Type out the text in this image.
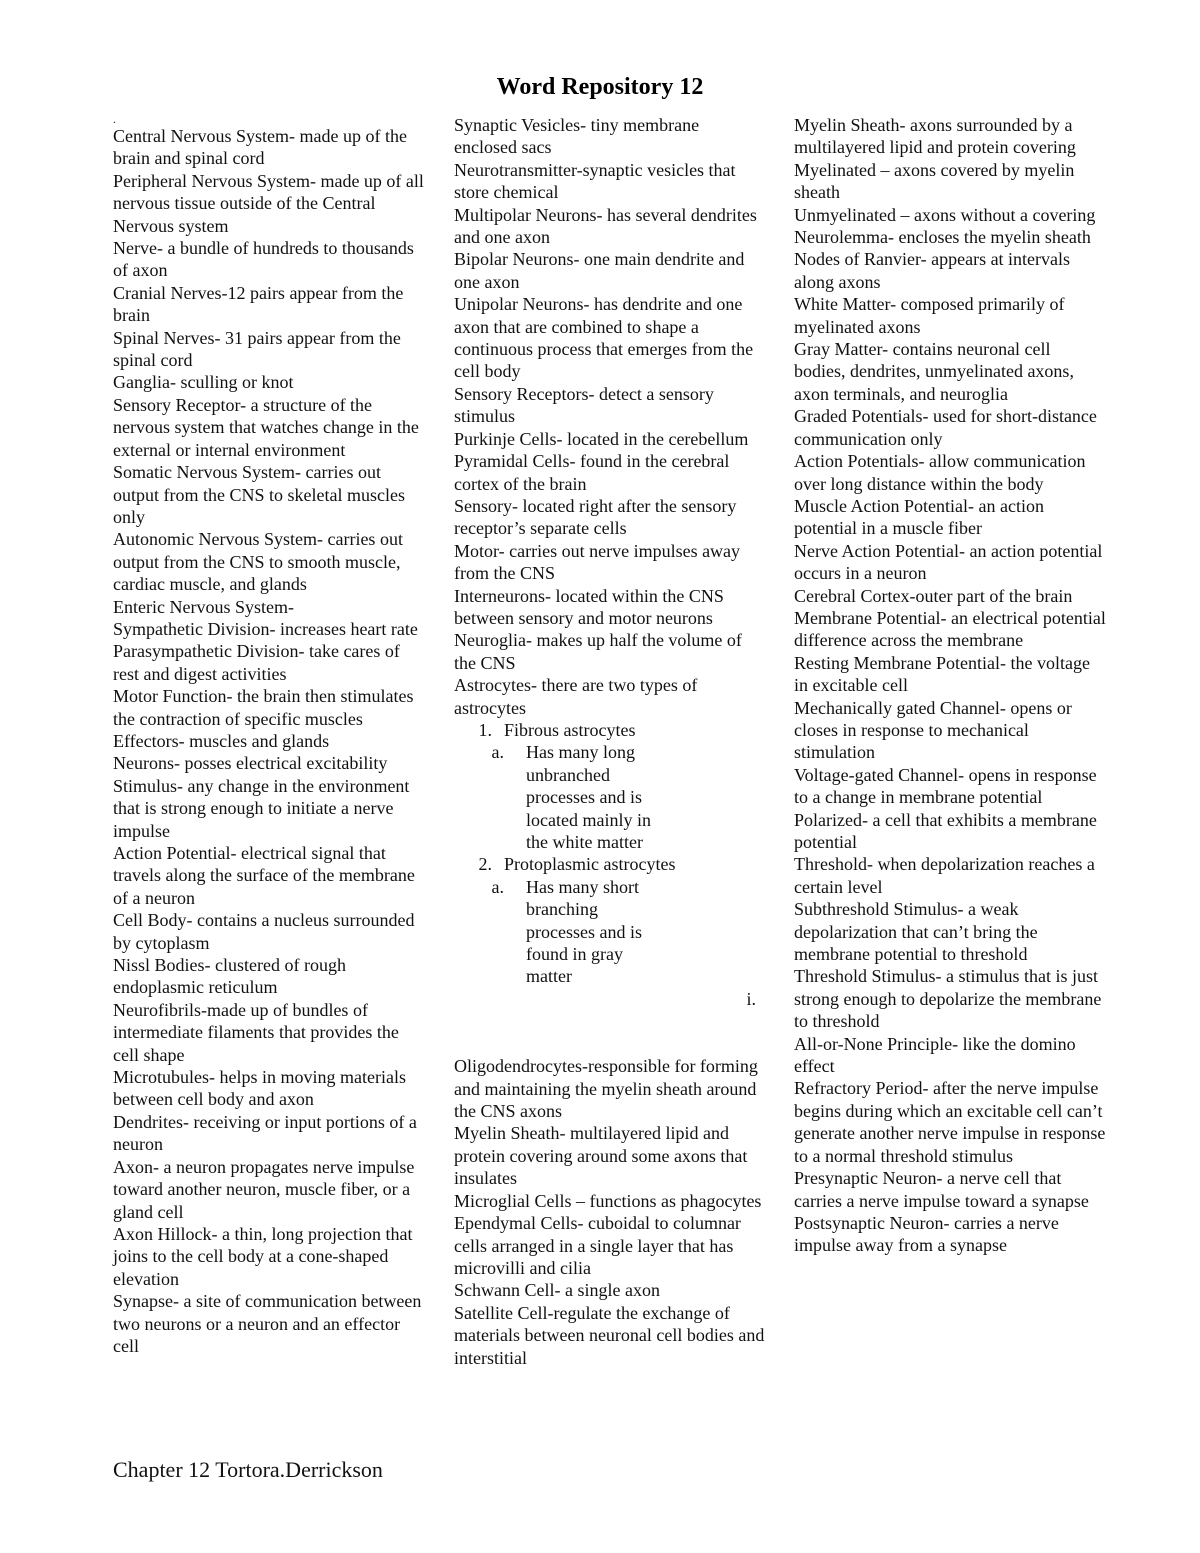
Word Repository 12
.

Central Nervous System- made up of the brain and spinal cord

Peripheral Nervous System- made up of all nervous tissue outside of the Central Nervous system

Nerve- a bundle of hundreds to thousands of axon

Cranial Nerves-12 pairs appear from the brain

Spinal Nerves- 31 pairs appear from the spinal cord

Ganglia- sculling or knot

Sensory Receptor- a structure of the nervous system that watches change in the external or internal environment

Somatic Nervous System- carries out output from the CNS to skeletal muscles only

Autonomic Nervous System- carries out output from the CNS to smooth muscle, cardiac muscle, and glands

Enteric Nervous System-

Sympathetic Division- increases heart rate

Parasympathetic Division- take cares of rest and digest activities

Motor Function- the brain then stimulates the contraction of specific muscles

Effectors- muscles and glands

Neurons- posses electrical excitability

Stimulus- any change in the environment that is strong enough to initiate a nerve impulse

Action Potential- electrical signal that travels along the surface of the membrane of a neuron

Cell Body- contains a nucleus surrounded by cytoplasm

Nissl Bodies- clustered of rough endoplasmic reticulum

Neurofibrils-made up of bundles of intermediate filaments that provides the cell shape

Microtubules- helps in moving materials between cell body and axon

Dendrites- receiving or input portions of a neuron

Axon- a neuron propagates nerve impulse toward another neuron, muscle fiber, or a gland cell

Axon Hillock- a thin, long projection that joins to the cell body at a cone-shaped elevation

Synapse- a site of communication between two neurons or a neuron and an effector cell

Synaptic Vesicles- tiny membrane enclosed sacs

Neurotransmitter-synaptic vesicles that store chemical

Multipolar Neurons- has several dendrites and one axon

Bipolar Neurons- one main dendrite and one axon

Unipolar Neurons- has dendrite and one axon that are combined to shape a continuous process that emerges from the cell body

Sensory Receptors- detect a sensory stimulus

Purkinje Cells- located in the cerebellum

Pyramidal Cells- found in the cerebral cortex of the brain

Sensory- located right after the sensory receptor’s separate cells

Motor- carries out nerve impulses away from the CNS

Interneurons- located within the CNS between sensory and motor neurons

Neuroglia- makes up half the volume of the CNS

Astrocytes- there are two types of astrocytes

1. Fibrous astrocytes
a.	Has many long unbranched processes and is located mainly in the white matter
2. Protoplasmic astrocytes
a.	Has many short branching processes and is found in gray matter
i.

Oligodendrocytes-responsible for forming and maintaining the myelin sheath around the CNS axons

Myelin Sheath- multilayered lipid and protein covering around some axons that insulates

Microglial Cells – functions as phagocytes

Ependymal Cells- cuboidal to columnar cells arranged in a single layer that has microvilli and cilia

Schwann Cell- a single axon

Satellite Cell-regulate the exchange of materials between neuronal cell bodies and interstitial

Myelin Sheath- axons surrounded by a multilayered lipid and protein covering

Myelinated – axons covered by myelin sheath

Unmyelinated – axons without a covering

Neurolemma- encloses the myelin sheath

Nodes of Ranvier- appears at intervals along axons

White Matter- composed primarily of myelinated axons

Gray Matter- contains neuronal cell bodies, dendrites, unmyelinated axons, axon terminals, and neuroglia

Graded Potentials- used for short-distance communication only

Action Potentials- allow communication over long distance within the body

Muscle Action Potential- an action potential in a muscle fiber

Nerve Action Potential- an action potential occurs in a neuron

Cerebral Cortex-outer part of the brain

Membrane Potential- an electrical potential difference across the membrane

Resting Membrane Potential- the voltage in excitable cell

Mechanically gated Channel- opens or closes in response to mechanical stimulation

Voltage-gated Channel- opens in response to a change in membrane potential

Polarized- a cell that exhibits a membrane potential

Threshold- when depolarization reaches a certain level

Subthreshold Stimulus- a weak depolarization that can’t bring the membrane potential to threshold

Threshold Stimulus- a stimulus that is just strong enough to depolarize the membrane to threshold

All-or-None Principle- like the domino effect

Refractory Period- after the nerve impulse begins during which an excitable cell can’t generate another nerve impulse in response to a normal threshold stimulus

Presynaptic Neuron- a nerve cell that carries a nerve impulse toward a synapse

Postsynaptic Neuron- carries a nerve impulse away from a synapse

Chapter 12 Tortora.Derrickson
